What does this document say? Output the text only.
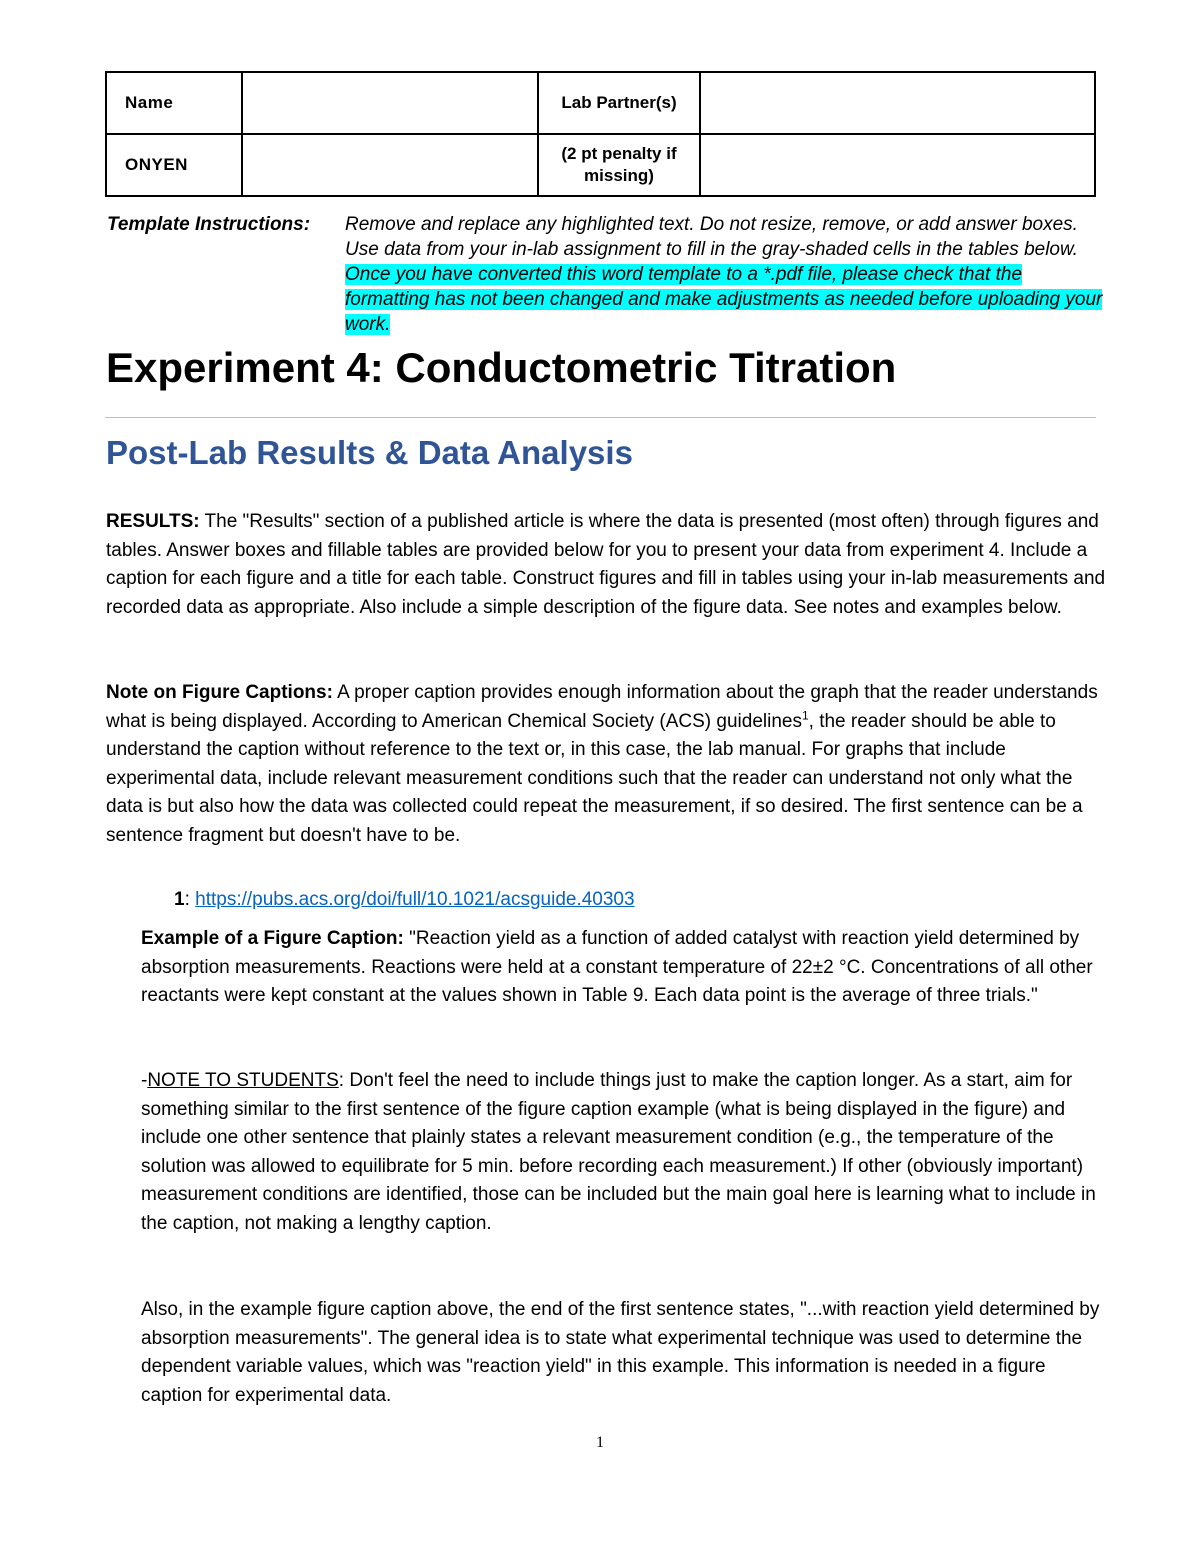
Name		Lab Partner(s)	
ONYEN		(2 pt penalty if missing)	
Template Instructions: Remove and replace any highlighted text. Do not resize, remove, or add answer boxes. Use data from your in-lab assignment to fill in the gray-shaded cells in the tables below. Once you have converted this word template to a *.pdf file, please check that the formatting has not been changed and make adjustments as needed before uploading your work.
Experiment 4: Conductometric Titration
Post-Lab Results & Data Analysis

RESULTS: The "Results" section of a published article is where the data is presented (most often) through figures and tables. Answer boxes and fillable tables are provided below for you to present your data from experiment 4. Include a caption for each figure and a title for each table. Construct figures and fill in tables using your in-lab measurements and recorded data as appropriate. Also include a simple description of the figure data. See notes and examples below.

Note on Figure Captions: A proper caption provides enough information about the graph that the reader understands what is being displayed. According to American Chemical Society (ACS) guidelines$^1$, the reader should be able to understand the caption without reference to the text or, in this case, the lab manual. For graphs that include experimental data, include relevant measurement conditions such that the reader can understand not only what the data is but also how the data was collected could repeat the measurement, if so desired. The first sentence can be a sentence fragment but doesn't have to be.

1: https://pubs.acs.org/doi/full/10.1021/acsguide.40303

Example of a Figure Caption: "Reaction yield as a function of added catalyst with reaction yield determined by absorption measurements. Reactions were held at a constant temperature of 22±2 °C. Concentrations of all other reactants were kept constant at the values shown in Table 9. Each data point is the average of three trials."

-NOTE TO STUDENTS: Don't feel the need to include things just to make the caption longer. As a start, aim for something similar to the first sentence of the figure caption example (what is being displayed in the figure) and include one other sentence that plainly states a relevant measurement condition (e.g., the temperature of the solution was allowed to equilibrate for 5 min. before recording each measurement.) If other (obviously important) measurement conditions are identified, those can be included but the main goal here is learning what to include in the caption, not making a lengthy caption.

Also, in the example figure caption above, the end of the first sentence states, "...with reaction yield determined by absorption measurements". The general idea is to state what experimental technique was used to determine the dependent variable values, which was "reaction yield" in this example. This information is needed in a figure caption for experimental data.

1
